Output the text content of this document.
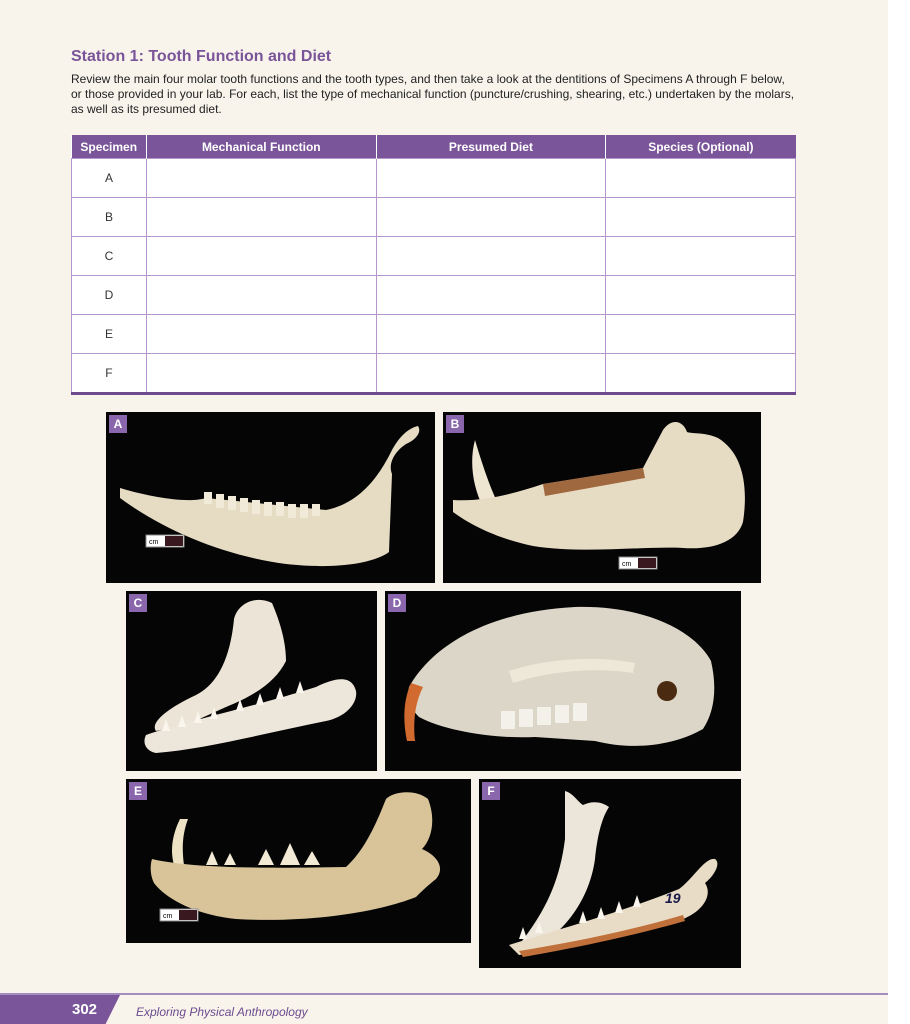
Station 1: Tooth Function and Diet
Review the main four molar tooth functions and the tooth types, and then take a look at the dentitions of Specimens A through F below, or those provided in your lab. For each, list the type of mechanical function (puncture/crushing, shearing, etc.) undertaken by the molars, as well as its presumed diet.
Specimen	Mechanical Function	Presumed Diet	Species (Optional)
A			
B			
C			
D			
E			
F			
cm
A
cm
B
C	D
cm
E
19
F
302	Exploring Physical Anthropology
